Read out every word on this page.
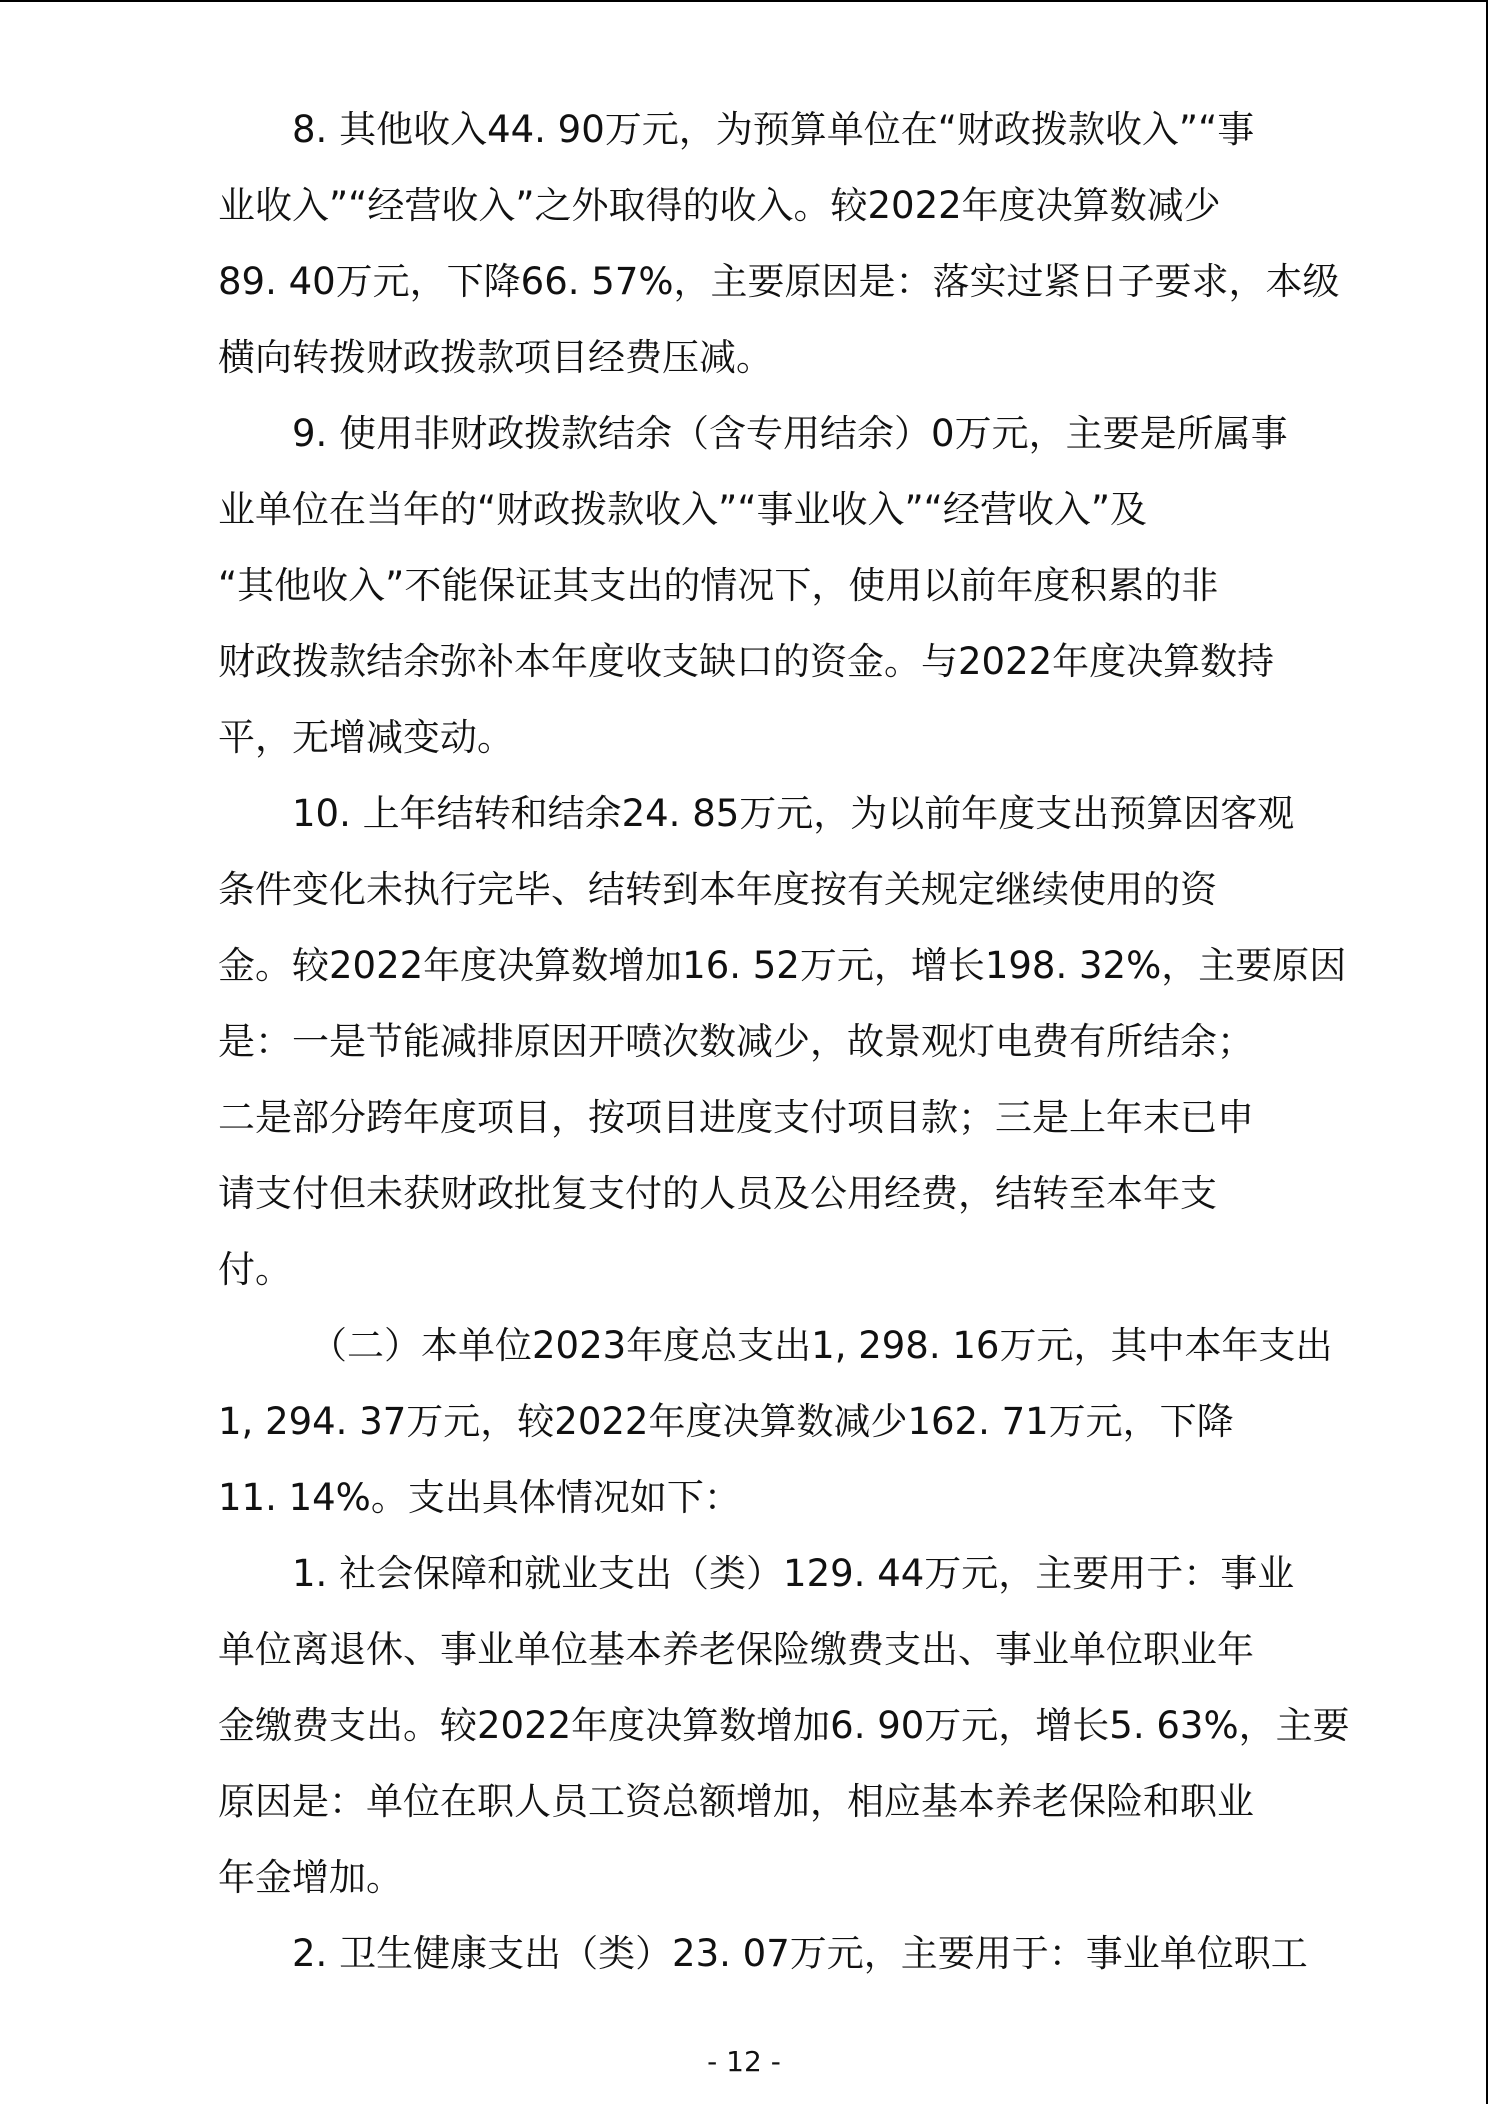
8. 其他收入44. 90万元，为预算单位在“财政拨款收入”“事
业收入”“经营收入”之外取得的收入。较2022年度决算数减少
89. 40万元，下降66. 57%，主要原因是：落实过紧日子要求，本级
横向转拨财政拨款项目经费压减。

9. 使用非财政拨款结余（含专用结余）0万元，主要是所属事
业单位在当年的“财政拨款收入”“事业收入”“经营收入”及
“其他收入”不能保证其支出的情况下，使用以前年度积累的非
财政拨款结余弥补本年度收支缺口的资金。与2022年度决算数持
平，无增减变动。

10. 上年结转和结余24. 85万元，为以前年度支出预算因客观
条件变化未执行完毕、结转到本年度按有关规定继续使用的资
金。较2022年度决算数增加16. 52万元，增长198. 32%，主要原因
是：一是节能减排原因开喷次数减少，故景观灯电费有所结余；
二是部分跨年度项目，按项目进度支付项目款；三是上年末已申
请支付但未获财政批复支付的人员及公用经费，结转至本年支
付。

（二）本单位2023年度总支出1, 298. 16万元，其中本年支出
1, 294. 37万元，较2022年度决算数减少162. 71万元，下降
11. 14%。支出具体情况如下：

1. 社会保障和就业支出（类）129. 44万元，主要用于：事业
单位离退休、事业单位基本养老保险缴费支出、事业单位职业年
金缴费支出。较2022年度决算数增加6. 90万元，增长5. 63%，主要
原因是：单位在职人员工资总额增加，相应基本养老保险和职业
年金增加。

2. 卫生健康支出（类）23. 07万元，主要用于：事业单位职工

- 12 -
